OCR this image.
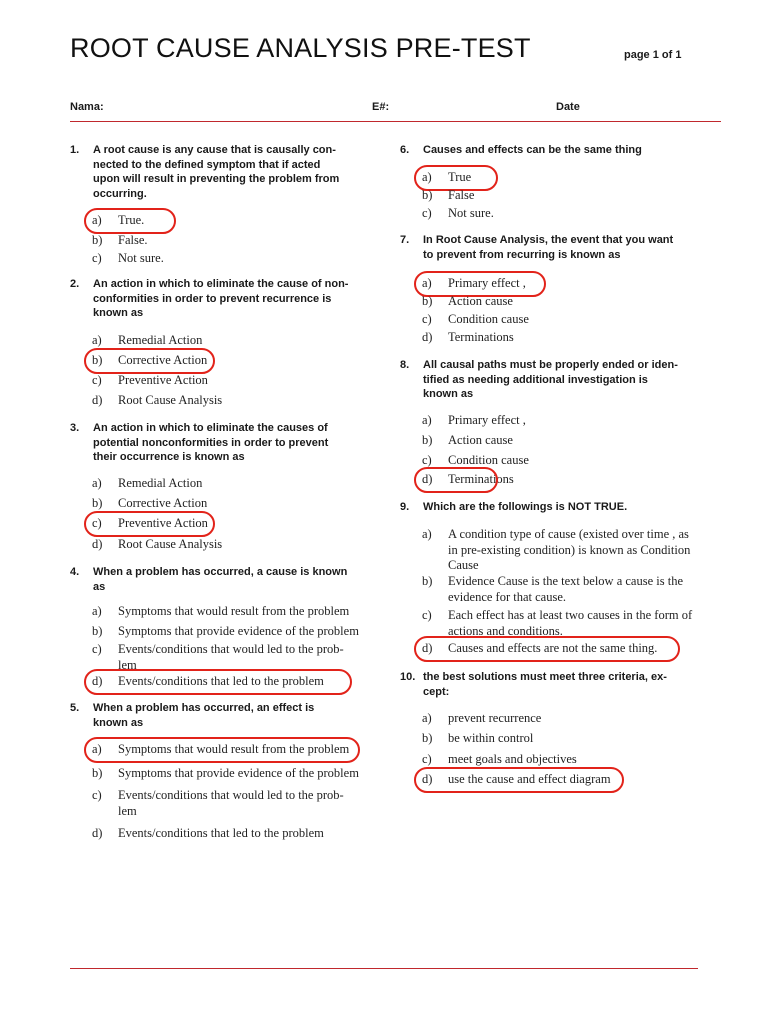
ROOT CAUSE ANALYSIS PRE-TEST	page 1 of 1
Nama:	E#:	Date
1. A root cause is any cause that is causally con-
nected to the defined symptom that if acted
upon will result in preventing the problem from
occurring.
a) True.
b) False.
c) Not sure.
2. An action in which to eliminate the cause of non-
conformities in order to prevent recurrence is
known as
a) Remedial Action
b) Corrective Action
c) Preventive Action
d) Root Cause Analysis
3. An action in which to eliminate the causes of
potential nonconformities in order to prevent
their occurrence is known as
a) Remedial Action
b) Corrective Action
c) Preventive Action
d) Root Cause Analysis
4. When a problem has occurred, a cause is known
as
a) Symptoms that would result from the problem
b) Symptoms that provide evidence of the problem
c) Events/conditions that would led to the prob-
lem
d) Events/conditions that led to the problem
5. When a problem has occurred, an effect is
known as
a) Symptoms that would result from the problem
b) Symptoms that provide evidence of the problem
c) Events/conditions that would led to the prob-
lem
d) Events/conditions that led to the problem
6. Causes and effects can be the same thing
a) True
b) False
c) Not sure.
7. In Root Cause Analysis, the event that you want
to prevent from recurring is known as
a) Primary effect ,
b) Action cause
c) Condition cause
d) Terminations
8. All causal paths must be properly ended or iden-
tified as needing additional investigation is
known as
a) Primary effect ,
b) Action cause
c) Condition cause
d) Terminations
9. Which are the followings is NOT TRUE.
a) A condition type of cause (existed over time , as
in pre-existing condition) is known as Condition
Cause
b) Evidence Cause is the text below a cause is the
evidence for that cause.
c) Each effect has at least two causes in the form of
actions and conditions.
d) Causes and effects are not the same thing.
10. the best solutions must meet three criteria, ex-
cept:
a) prevent recurrence
b) be within control
c) meet goals and objectives
d) use the cause and effect diagram
